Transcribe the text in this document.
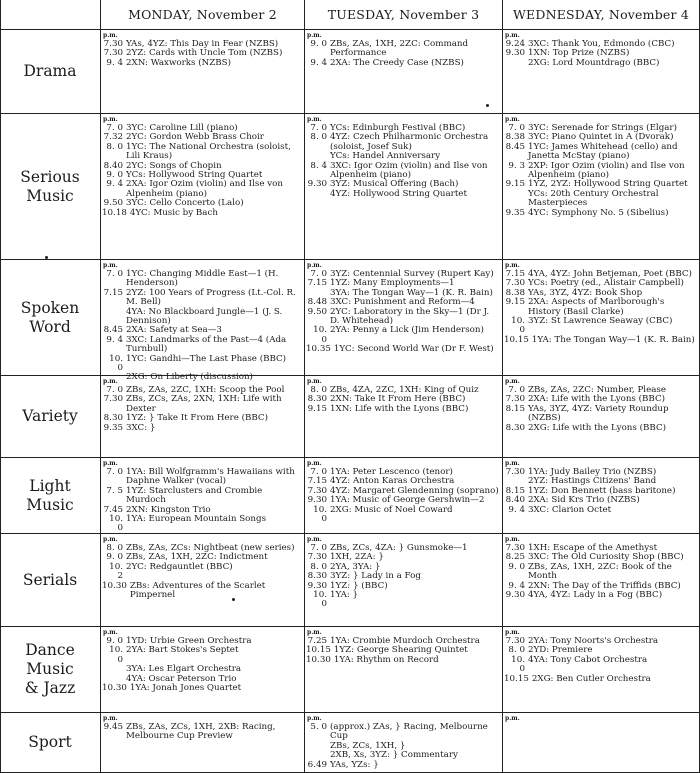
MONDAY, November 2	TUESDAY, November 3	WEDNESDAY, November 4
Drama
p.m.
7.30 YAs, 4YZ: This Day in Fear (NZBS)
7.30 2YZ: Cards with Uncle Tom (NZBS)
9. 4 2XN: Waxworks (NZBS)
p.m.
9. 0 ZBs, ZAs, 1XH, 2ZC: Command Performance
9. 4 2XA: The Creedy Case (NZBS)
p.m.
9.24 3XC: Thank You, Edmondo (CBC)
9.30 1XN: Top Prize (NZBS)
2XG: Lord Mountdrago (BBC)
Serious
Music
p.m.
7. 0 3YC: Caroline Lill (piano)
7.32 2YC: Gordon Webb Brass Choir
8. 0 1YC: The National Orchestra (soloist, Lili Kraus)
8.40 2YC: Songs of Chopin
9. 0 YCs: Hollywood String Quartet
9. 4 2XA: Igor Ozim (violin) and Ilse von Alpenheim (piano)
9.50 3YC: Cello Concerto (Lalo)
10.18 4YC: Music by Bach
p.m.
7. 0 YCs: Edinburgh Festival (BBC)
8. 0 4YZ: Czech Philharmonic Orchestra (soloist, Josef Suk)
YCs: Handel Anniversary
8. 4 3XC: Igor Ozim (violin) and Ilse von Alpenheim (piano)
9.30 3YZ: Musical Offering (Bach)
4YZ: Hollywood String Quartet
p.m.
7. 0 3YC: Serenade for Strings (Elgar)
8.38 3YC: Piano Quintet in A (Dvorak)
8.45 1YC: James Whitehead (cello) and Janetta McStay (piano)
9. 3 2XP: Igor Ozim (violin) and Ilse von Alpenheim (piano)
9.15 1YZ, 2YZ: Hollywood String Quartet
YCs: 20th Century Orchestral Masterpieces
9.35 4YC: Symphony No. 5 (Sibelius)
Spoken
Word
p.m.
7. 0 1YC: Changing Middle East—1 (H. Henderson)
7.15 2YZ: 100 Years of Progress (Lt.-Col. R. M. Bell)
4YA: No Blackboard Jungle—1 (J. S. Dennison)
8.45 2XA: Safety at Sea—3
9. 4 3XC: Landmarks of the Past—4 (Ada Turnbull)
10. 0
1YC: Gandhi—The Last Phase (BBC)
2XG: On Liberty (discussion)
p.m.
7. 0 3YZ: Centennial Survey (Rupert Kay)
7.15 1YZ: Many Employments—1
3YA: The Tongan Way—1 (K. R. Bain)
8.48 3XC: Punishment and Reform—4
9.50 2YC: Laboratory in the Sky—1 (Dr J. D. Whitehead)
10. 0
2YA: Penny a Lick (Jim Henderson)
10.35 1YC: Second World War (Dr F. West)
p.m.
7.15 4YA, 4YZ: John Betjeman, Poet (BBC)
7.30 YCs: Poetry (ed., Alistair Campbell)
8.38 YAs, 3YZ, 4YZ: Book Shop
9.15 2XA: Aspects of Marlborough's History (Basil Clarke)
10. 0
3YZ: St Lawrence Seaway (CBC)
10.15 1YA: The Tongan Way—1 (K. R. Bain)
Variety
p.m.
7. 0 ZBs, ZAs, 2ZC, 1XH: Scoop the Pool
7.30 ZBs, ZCs, ZAs, 2XN, 1XH: Life with Dexter
8.30 1YZ: } Take It From Here (BBC)
9.35 3XC: }
p.m.
8. 0 ZBs, 4ZA, 2ZC, 1XH: King of Quiz
8.30 2XN: Take It From Here (BBC)
9.15 1XN: Life with the Lyons (BBC)
p.m.
7. 0 ZBs, ZAs, 2ZC: Number, Please
7.30 2XA: Life with the Lyons (BBC)
8.15 YAs, 3YZ, 4YZ: Variety Roundup (NZBS)
8.30 2XG: Life with the Lyons (BBC)
Light
Music
p.m.
7. 0 1YA: Bill Wolfgramm's Hawaiians with Daphne Walker (vocal)
7. 5 1YZ: Starclusters and Crombie Murdoch
7.45 2XN: Kingston Trio
10. 0
1YA: European Mountain Songs
p.m.
7. 0 1YA: Peter Lescenco (tenor)
7.15 4YZ: Anton Karas Orchestra
7.30 4YZ: Margaret Glendenning (soprano)
9.30 1YA: Music of George Gershwin—2
10. 0
2XG: Music of Noel Coward
p.m.
7.30 1YA: Judy Bailey Trio (NZBS)
2YZ: Hastings Citizens' Band
8.15 1YZ: Don Bennett (bass baritone)
8.40 2XA: Sid Krs Trio (NZBS)
9. 4 3XC: Clarion Octet
Serials
p.m.
8. 0 ZBs, ZAs, ZCs: Nightbeat (new series)
9. 0 ZBs, ZAs, 1XH, 2ZC: Indictment
10. 2
2YC: Redgauntlet (BBC)
10.30 ZBs: Adventures of the Scarlet Pimpernel
p.m.
7. 0 ZBs, ZCs, 4ZA: } Gunsmoke—1
7.30 1XH, 2ZA: }
8. 0 2YA, 3YA: }
8.30 3YZ: } Lady in a Fog
9.30 1YZ: } (BBC)
10. 0
1YA: }
p.m.
7.30 1XH: Escape of the Amethyst
8.25 3XC: The Old Curiosity Shop (BBC)
9. 0 ZBs, ZAs, 1XH, 2ZC: Book of the Month
9. 4 2XN: The Day of the Triffids (BBC)
9.30 4YA, 4YZ: Lady in a Fog (BBC)
Dance
Music
& Jazz
p.m.
9. 0 1YD: Urbie Green Orchestra
10. 0
2YA: Bart Stokes's Septet
3YA: Les Elgart Orchestra
4YA: Oscar Peterson Trio
10.30 1YA: Jonah Jones Quartet
p.m.
7.25 1YA: Crombie Murdoch Orchestra
10.15 1YZ: George Shearing Quintet
10.30 1YA: Rhythm on Record
p.m.
7.30 2YA: Tony Noorts's Orchestra
8. 0 2YD: Premiere
10. 0
4YA: Tony Cabot Orchestra
10.15 2XG: Ben Cutler Orchestra
Sport
p.m.
9.45 ZBs, ZAs, ZCs, 1XH, 2XB: Racing, Melbourne Cup Preview
p.m.
5. 0 (approx.) ZAs, } Racing, Melbourne Cup
ZBs, ZCs, 1XH, }
2XB, Xs, 3YZ: } Commentary
6.49 YAs, YZs: }
p.m.
